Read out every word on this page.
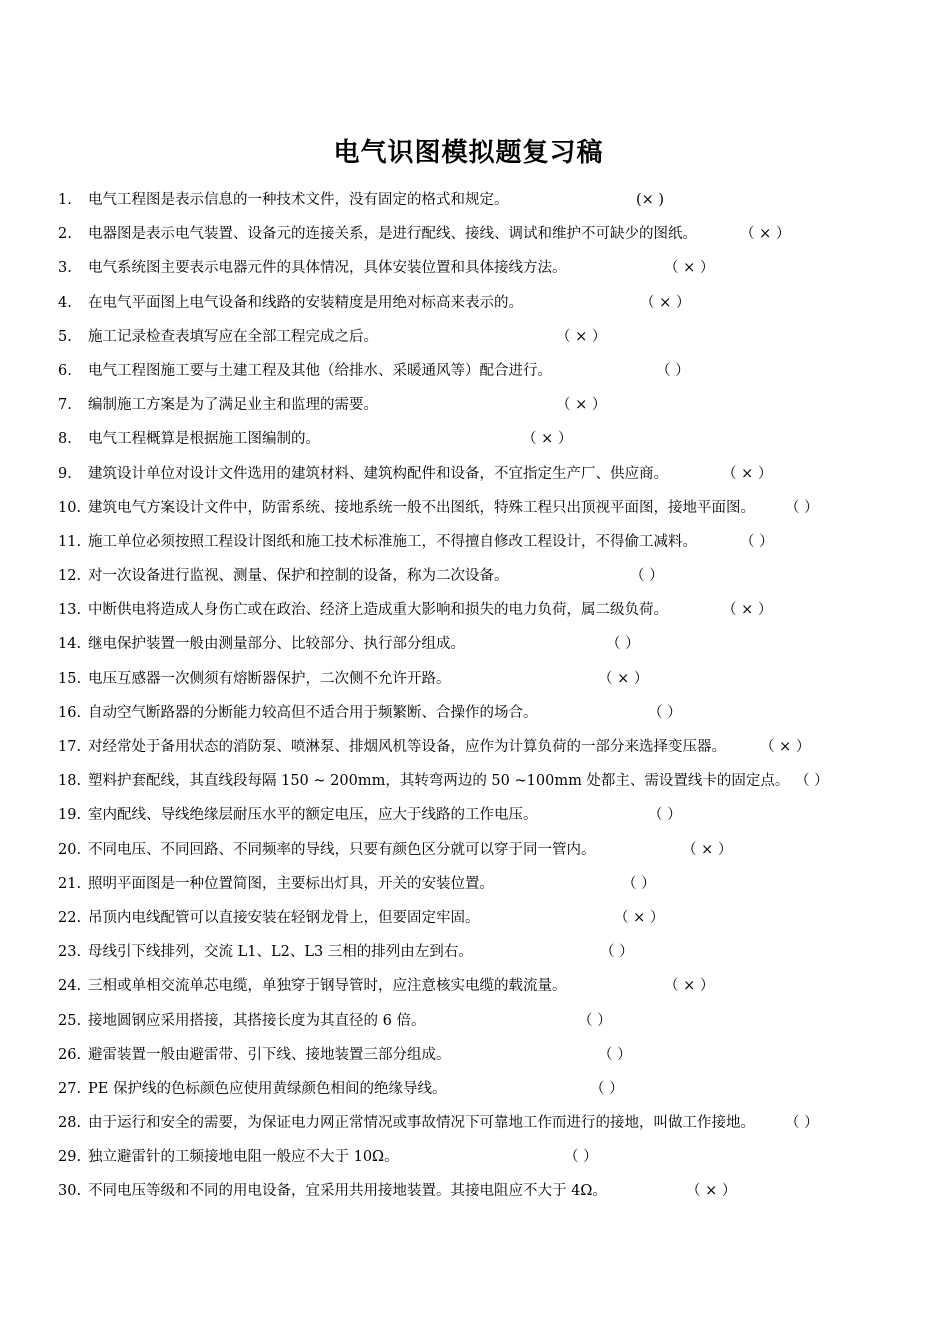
电气识图模拟题复习稿
1. 电气工程图是表示信息的一种技术文件，没有固定的格式和规定。	(× )
2. 电器图是表示电气装置、设备元的连接关系，是进行配线、接线、调试和维护不可缺少的图纸。	（ × ）
3. 电气系统图主要表示电器元件的具体情况，具体安装位置和具体接线方法。	（ × ）
4. 在电气平面图上电气设备和线路的安装精度是用绝对标高来表示的。	（ × ）
5. 施工记录检查表填写应在全部工程完成之后。	（ × ）
6. 电气工程图施工要与土建工程及其他（给排水、采暖通风等）配合进行。	（ ）
7. 编制施工方案是为了满足业主和监理的需要。	（ × ）
8. 电气工程概算是根据施工图编制的。	（ × ）
9. 建筑设计单位对设计文件选用的建筑材料、建筑构配件和设备，不宜指定生产厂、供应商。	（ × ）
10. 建筑电气方案设计文件中，防雷系统、接地系统一般不出图纸，特殊工程只出顶视平面图，接地平面图。 （ ）
11. 施工单位必须按照工程设计图纸和施工技术标准施工，不得擅自修改工程设计，不得偷工减料。	（ ）
12. 对一次设备进行监视、测量、保护和控制的设备，称为二次设备。	（ ）
13. 中断供电将造成人身伤亡或在政治、经济上造成重大影响和损失的电力负荷，属二级负荷。	（ × ）
14. 继电保护装置一般由测量部分、比较部分、执行部分组成。	（ ）
15. 电压互感器一次侧须有熔断器保护，二次侧不允许开路。	（ × ）
16. 自动空气断路器的分断能力较高但不适合用于频繁断、合操作的场合。	（ ）
17. 对经常处于备用状态的消防泵、喷淋泵、排烟风机等设备，应作为计算负荷的一部分来选择变压器。 （ × ）
18. 塑料护套配线，其直线段每隔 150 ~ 200mm，其转弯两边的 50 ~100mm 处都主、需设置线卡的固定点。 （ ）
19. 室内配线、导线绝缘层耐压水平的额定电压，应大于线路的工作电压。	（ ）
20. 不同电压、不同回路、不同频率的导线，只要有颜色区分就可以穿于同一管内。	（ × ）
21. 照明平面图是一种位置简图，主要标出灯具，开关的安装位置。	（ ）
22. 吊顶内电线配管可以直接安装在轻钢龙骨上，但要固定牢固。	（ × ）
23. 母线引下线排列，交流 L1、L2、L3 三相的排列由左到右。	（ ）
24. 三相或单相交流单芯电缆，单独穿于钢导管时，应注意核实电缆的载流量。	（ × ）
25. 接地圆钢应采用搭接，其搭接长度为其直径的 6 倍。	（ ）
26. 避雷装置一般由避雷带、引下线、接地装置三部分组成。	（ ）
27. PE 保护线的色标颜色应使用黄绿颜色相间的绝缘导线。	（ ）
28. 由于运行和安全的需要，为保证电力网正常情况或事故情况下可靠地工作而进行的接地，叫做工作接地。 （ ）
29. 独立避雷针的工频接地电阻一般应不大于 10Ω。	（ ）
30. 不同电压等级和不同的用电设备，宜采用共用接地装置。其接电阻应不大于 4Ω。	（ × ）
